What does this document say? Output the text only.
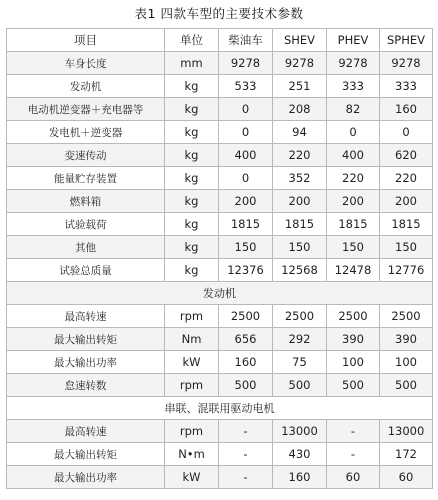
表1 四款车型的主要技术参数
项目	单位	柴油车	SHEV	PHEV	SPHEV
车身长度	mm	9278	9278	9278	9278
发动机	kg	533	251	333	333
电动机逆变器＋充电器等	kg	0	208	82	160
发电机＋逆变器	kg	0	94	0	0
变速传动	kg	400	220	400	620
能量贮存装置	kg	0	352	220	220
燃料箱	kg	200	200	200	200
试验载荷	kg	1815	1815	1815	1815
其他	kg	150	150	150	150
试验总质量	kg	12376	12568	12478	12776
发动机					
最高转速	rpm	2500	2500	2500	2500
最大输出转矩	Nm	656	292	390	390
最大输出功率	kW	160	75	100	100
怠速转数	rpm	500	500	500	500
串联、混联用驱动电机					
最高转速	rpm	-	13000	-	13000
最大输出转矩	N•m	-	430	-	172
最大输出功率	kW	-	160	60	60
